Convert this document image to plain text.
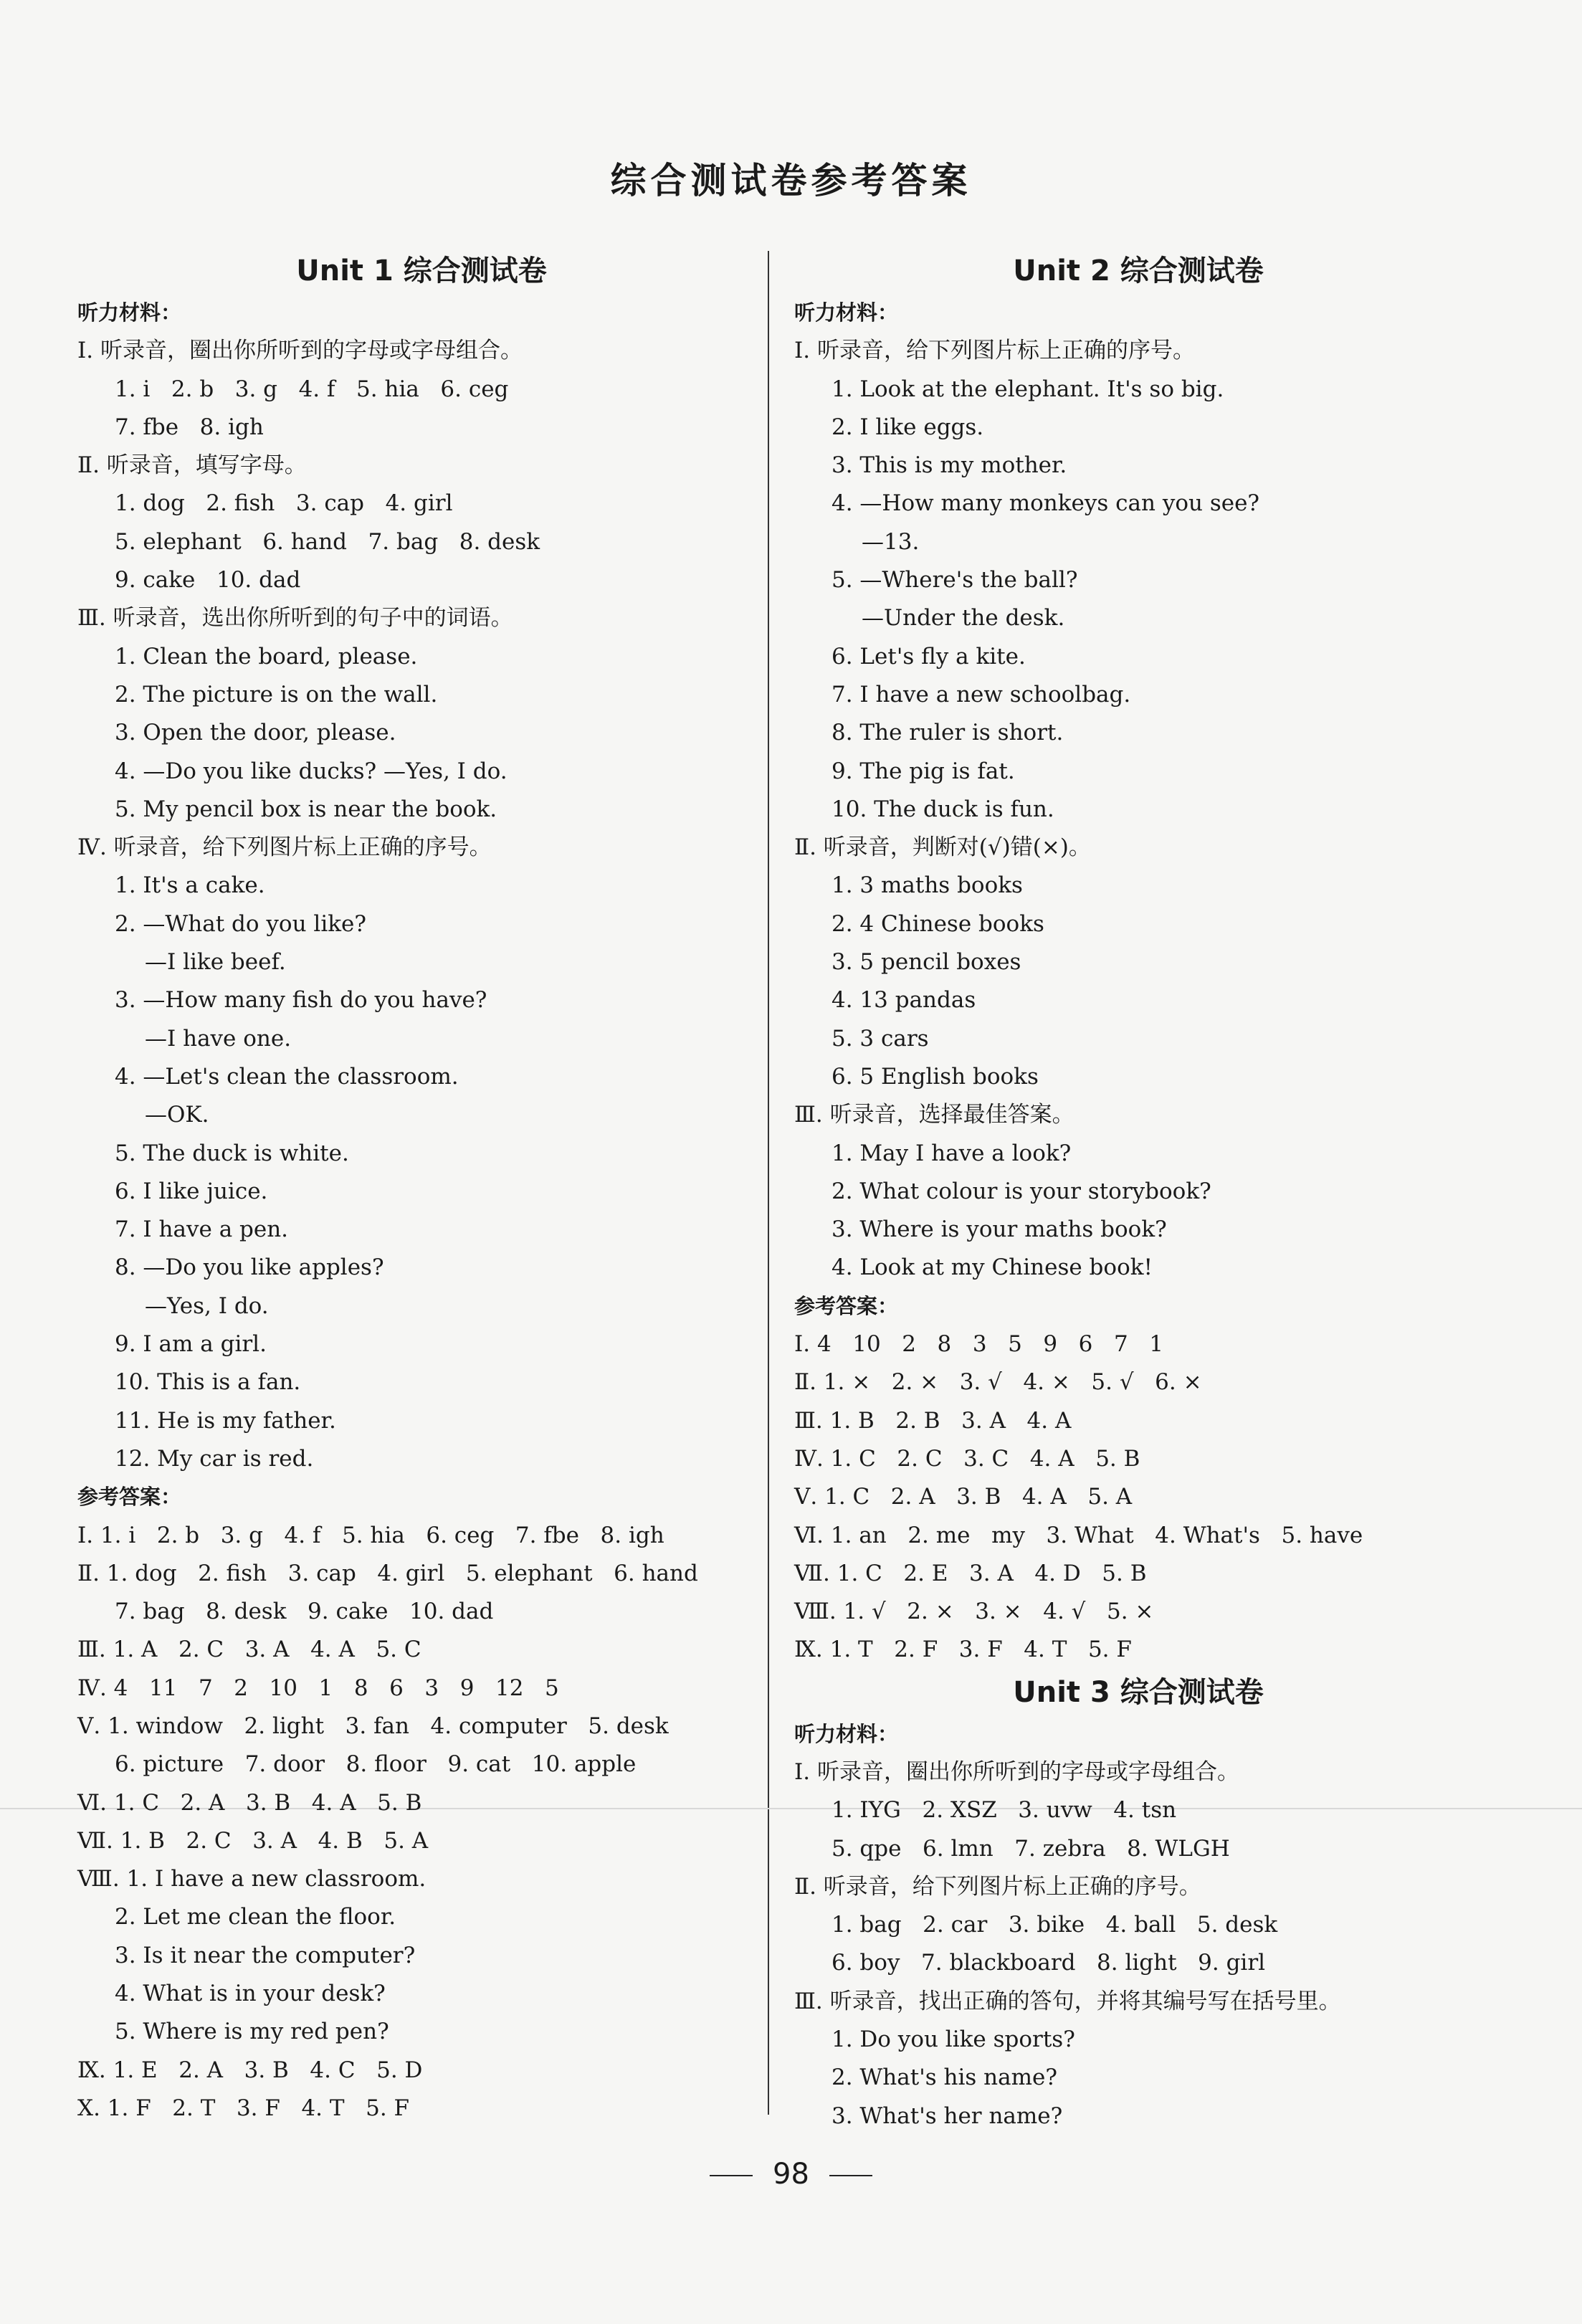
综合测试卷参考答案
Unit 1 综合测试卷
听力材料：
Ⅰ. 听录音，圈出你所听到的字母或字母组合。
1. i   2. b   3. g   4. f   5. hia   6. ceg
7. fbe   8. igh
Ⅱ. 听录音，填写字母。
1. dog   2. fish   3. cap   4. girl
5. elephant   6. hand   7. bag   8. desk
9. cake   10. dad
Ⅲ. 听录音，选出你所听到的句子中的词语。
1. Clean the board, please.
2. The picture is on the wall.
3. Open the door, please.
4. —Do you like ducks? —Yes, I do.
5. My pencil box is near the book.
Ⅳ. 听录音，给下列图片标上正确的序号。
1. It's a cake.
2. —What do you like?
—I like beef.
3. —How many fish do you have?
—I have one.
4. —Let's clean the classroom.
—OK.
5. The duck is white.
6. I like juice.
7. I have a pen.
8. —Do you like apples?
—Yes, I do.
9. I am a girl.
10. This is a fan.
11. He is my father.
12. My car is red.
参考答案：
Ⅰ. 1. i   2. b   3. g   4. f   5. hia   6. ceg   7. fbe   8. igh
Ⅱ. 1. dog   2. fish   3. cap   4. girl   5. elephant   6. hand
7. bag   8. desk   9. cake   10. dad
Ⅲ. 1. A   2. C   3. A   4. A   5. C
Ⅳ. 4   11   7   2   10   1   8   6   3   9   12   5
Ⅴ. 1. window   2. light   3. fan   4. computer   5. desk
6. picture   7. door   8. floor   9. cat   10. apple
Ⅵ. 1. C   2. A   3. B   4. A   5. B
Ⅶ. 1. B   2. C   3. A   4. B   5. A
Ⅷ. 1. I have a new classroom.
2. Let me clean the floor.
3. Is it near the computer?
4. What is in your desk?
5. Where is my red pen?
Ⅸ. 1. E   2. A   3. B   4. C   5. D
Ⅹ. 1. F   2. T   3. F   4. T   5. F
Unit 2 综合测试卷
听力材料：
Ⅰ. 听录音，给下列图片标上正确的序号。
1. Look at the elephant. It's so big.
2. I like eggs.
3. This is my mother.
4. —How many monkeys can you see?
—13.
5. —Where's the ball?
—Under the desk.
6. Let's fly a kite.
7. I have a new schoolbag.
8. The ruler is short.
9. The pig is fat.
10. The duck is fun.
Ⅱ. 听录音，判断对(√)错(×)。
1. 3 maths books
2. 4 Chinese books
3. 5 pencil boxes
4. 13 pandas
5. 3 cars
6. 5 English books
Ⅲ. 听录音，选择最佳答案。
1. May I have a look?
2. What colour is your storybook?
3. Where is your maths book?
4. Look at my Chinese book!
参考答案：
Ⅰ. 4   10   2   8   3   5   9   6   7   1
Ⅱ. 1. ×   2. ×   3. √   4. ×   5. √   6. ×
Ⅲ. 1. B   2. B   3. A   4. A
Ⅳ. 1. C   2. C   3. C   4. A   5. B
Ⅴ. 1. C   2. A   3. B   4. A   5. A
Ⅵ. 1. an   2. me   my   3. What   4. What's   5. have
Ⅶ. 1. C   2. E   3. A   4. D   5. B
Ⅷ. 1. √   2. ×   3. ×   4. √   5. ×
Ⅸ. 1. T   2. F   3. F   4. T   5. F
Unit 3 综合测试卷
听力材料：
Ⅰ. 听录音，圈出你所听到的字母或字母组合。
1. IYG   2. XSZ   3. uvw   4. tsn
5. qpe   6. lmn   7. zebra   8. WLGH
Ⅱ. 听录音，给下列图片标上正确的序号。
1. bag   2. car   3. bike   4. ball   5. desk
6. boy   7. blackboard   8. light   9. girl
Ⅲ. 听录音，找出正确的答句，并将其编号写在括号里。
1. Do you like sports?
2. What's his name?
3. What's her name?
98
